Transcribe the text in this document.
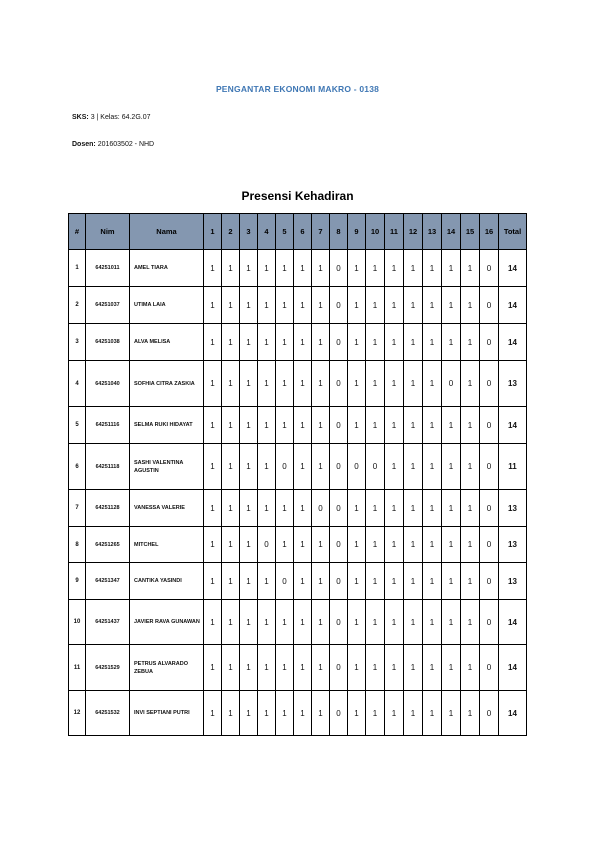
PENGANTAR EKONOMI MAKRO - 0138
SKS: 3 | Kelas: 64.2G.07
Dosen: 201603502 - NHD
Presensi Kehadiran
#	Nim	Nama	1	2	3	4	5	6	7	8	9	10	11	12	13	14	15	16	Total
1	64251011	AMEL TIARA	1	1	1	1	1	1	1	0	1	1	1	1	1	1	1	0	14
2	64251037	UTIMA LAIA	1	1	1	1	1	1	1	0	1	1	1	1	1	1	1	0	14
3	64251038	ALVA MELISA	1	1	1	1	1	1	1	0	1	1	1	1	1	1	1	0	14
4	64251040	SOFHIA CITRA ZASKIA	1	1	1	1	1	1	1	0	1	1	1	1	1	0	1	0	13
5	64251116	SELMA RUKI HIDAYAT	1	1	1	1	1	1	1	0	1	1	1	1	1	1	1	0	14
6	64251118	SASHI VALENTINA AGUSTIN	1	1	1	1	0	1	1	0	0	0	1	1	1	1	1	0	11
7	64251128	VANESSA VALERIE	1	1	1	1	1	1	0	0	1	1	1	1	1	1	1	0	13
8	64251265	MITCHEL	1	1	1	0	1	1	1	0	1	1	1	1	1	1	1	0	13
9	64251347	CANTIKA YASINDI	1	1	1	1	0	1	1	0	1	1	1	1	1	1	1	0	13
10	64251437	JAVIER RAVA GUNAWAN	1	1	1	1	1	1	1	0	1	1	1	1	1	1	1	0	14
11	64251529	PETRUS ALVARADO ZEBUA	1	1	1	1	1	1	1	0	1	1	1	1	1	1	1	0	14
12	64251532	INVI SEPTIANI PUTRI	1	1	1	1	1	1	1	0	1	1	1	1	1	1	1	0	14
